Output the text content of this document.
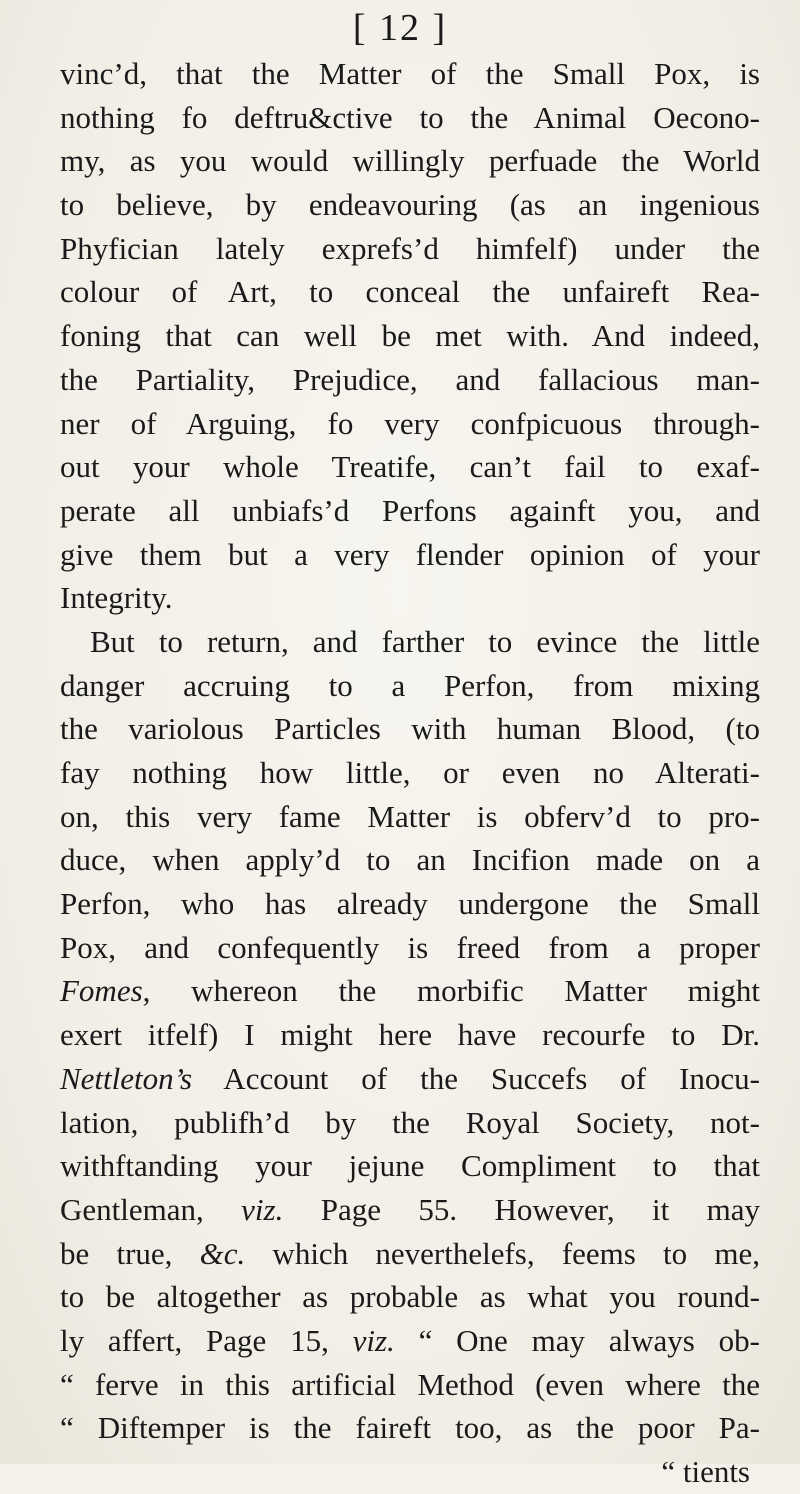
[ 12 ]
vinc’d, that the Matter of the Small Pox, is
nothing fo deftru&ctive to the Animal Oecono-
my, as you would willingly perfuade the World
to believe, by endeavouring (as an ingenious
Phyfician lately exprefs’d himfelf) under the
colour of Art, to conceal the unfaireft Rea-
foning that can well be met with. And indeed,
the Partiality, Prejudice, and fallacious man-
ner of Arguing, fo very confpicuous through-
out your whole Treatife, can’t fail to exaf-
perate all unbiafs’d Perfons againft you, and
give them but a very flender opinion of your
Integrity.
But to return, and farther to evince the little
danger accruing to a Perfon, from mixing
the variolous Particles with human Blood, (to
fay nothing how little, or even no Alterati-
on, this very fame Matter is obferv’d to pro-
duce, when apply’d to an Incifion made on a
Perfon, who has already undergone the Small
Pox, and confequently is freed from a proper
Fomes, whereon the morbific Matter might
exert itfelf) I might here have recourfe to Dr.
Nettleton’s Account of the Succefs of Inocu-
lation, publifh’d by the Royal Society, not-
withftanding your jejune Compliment to that
Gentleman, viz. Page 55. However, it may
be true, &c. which neverthelefs, feems to me,
to be altogether as probable as what you round-
ly affert, Page 15, viz. “ One may always ob-
“ ferve in this artificial Method (even where the
“ Diftemper is the faireft too, as the poor Pa-
“ tients
